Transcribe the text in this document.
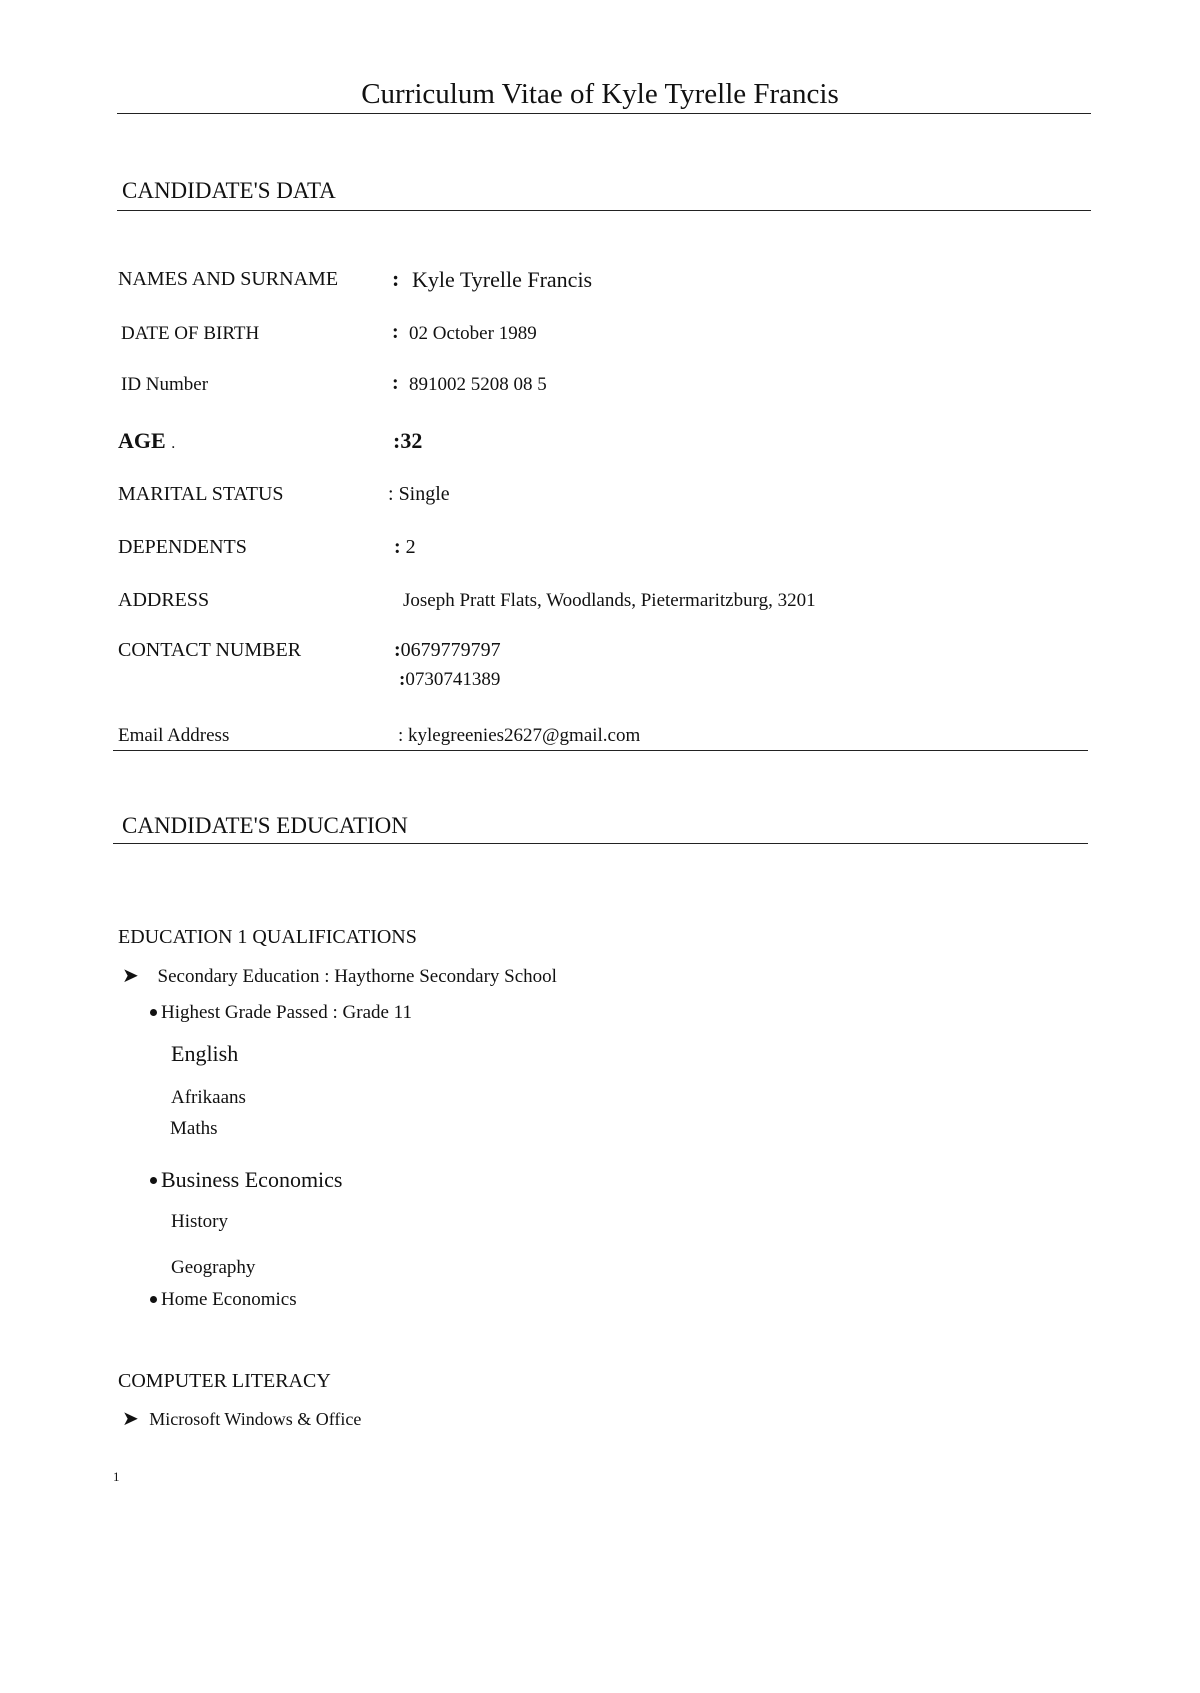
Curriculum Vitae of Kyle Tyrelle Francis
CANDIDATE'S DATA
NAMES AND SURNAME : Kyle Tyrelle Francis
DATE OF BIRTH	: 02 October 1989
ID Number	: 891002 5208 08 5
AGE .	:32
MARITAL STATUS	: Single
DEPENDENTS	: 2
ADDRESS	Joseph Pratt Flats, Woodlands, Pietermaritzburg, 3201
CONTACT NUMBER	:0679779797
:0730741389
Email Address	: kylegreenies2627@gmail.com
CANDIDATE'S EDUCATION
EDUCATION 1 QUALIFICATIONS
➤ Secondary Education : Haythorne Secondary School
Highest Grade Passed : Grade 11
English
Afrikaans
Maths
Business Economics
History
Geography
Home Economics
COMPUTER LITERACY
➤ Microsoft Windows & Office
1
